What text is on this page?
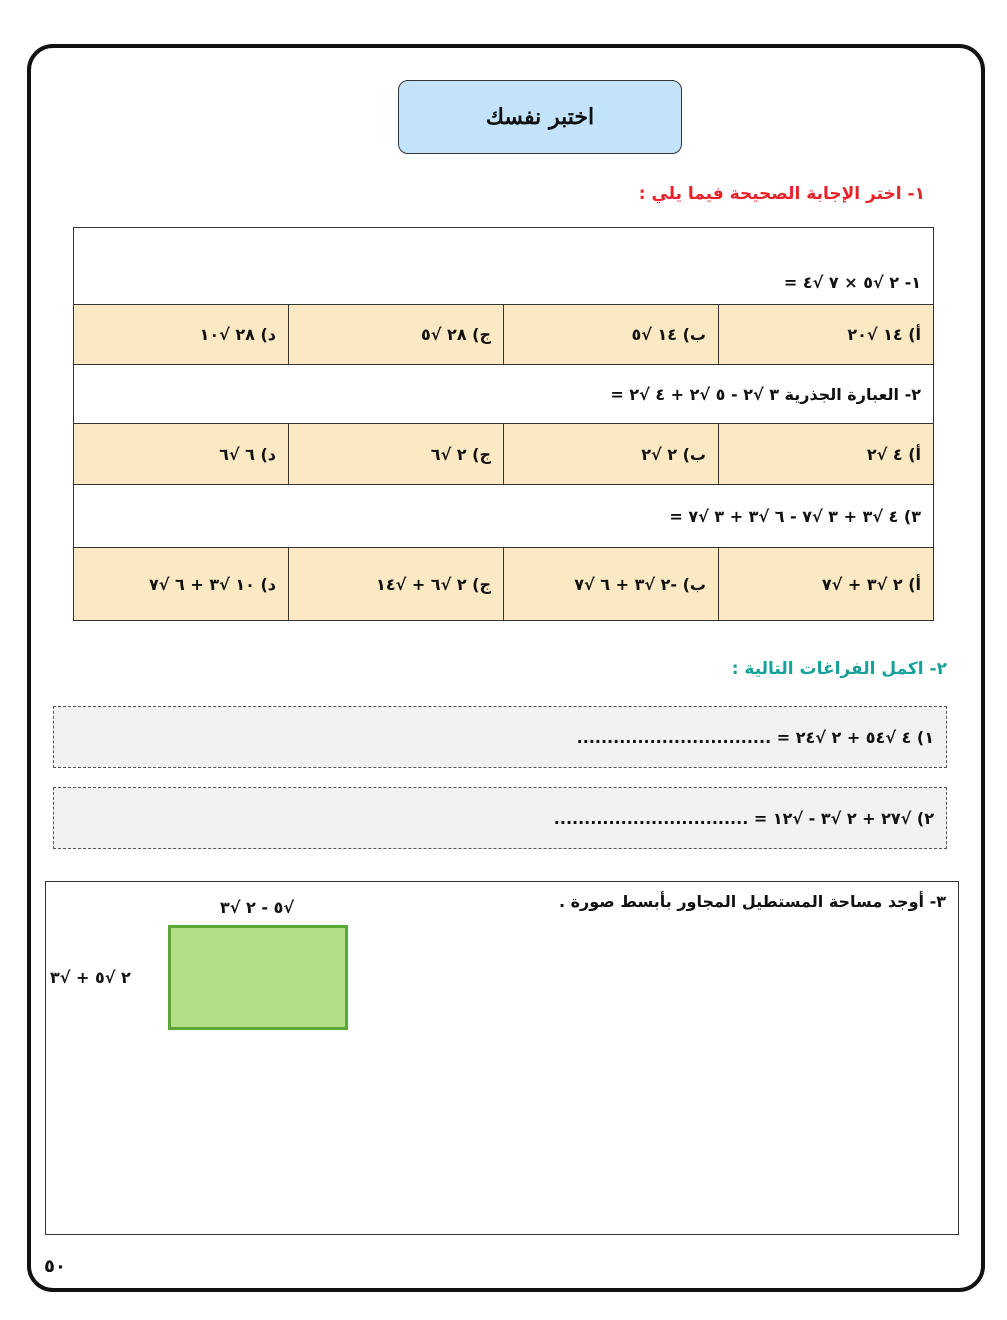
اختبر نفسك
١- اختر الإجابة الصحيحة فيما يلي :
١- ٢ √٥ × ٧ √٤ =			
أ) ١٤ √٢٠	ب) ١٤ √٥	ج) ٢٨ √٥	د) ٢٨ √١٠
٢- العبارة الجذرية ٣ √٢ - ٥ √٢ + ٤ √٢ =			
أ) ٤ √٢	ب) ٢ √٢	ج) ٢ √٦	د) ٦ √٦
٣) ٤ √٣ + ٣ √٧ - ٦ √٣ + ٣ √٧ =			
أ) ٢ √٣ + √٧	ب) -٢ √٣ + ٦ √٧	ج) ٢ √٦ + √١٤	د) ١٠ √٣ + ٦ √٧
٢- اكمل الفراغات التالية :
١) ٤ √٥٤ + ٢ √٢٤ = ................................
٢) √٢٧ + ٢ √٣ - √١٢ = ................................
٣- أوجد مساحة المستطيل المجاور بأبسط صورة .
√٥ - ٢ √٣
٢ √٥ + √٣
٥٠
